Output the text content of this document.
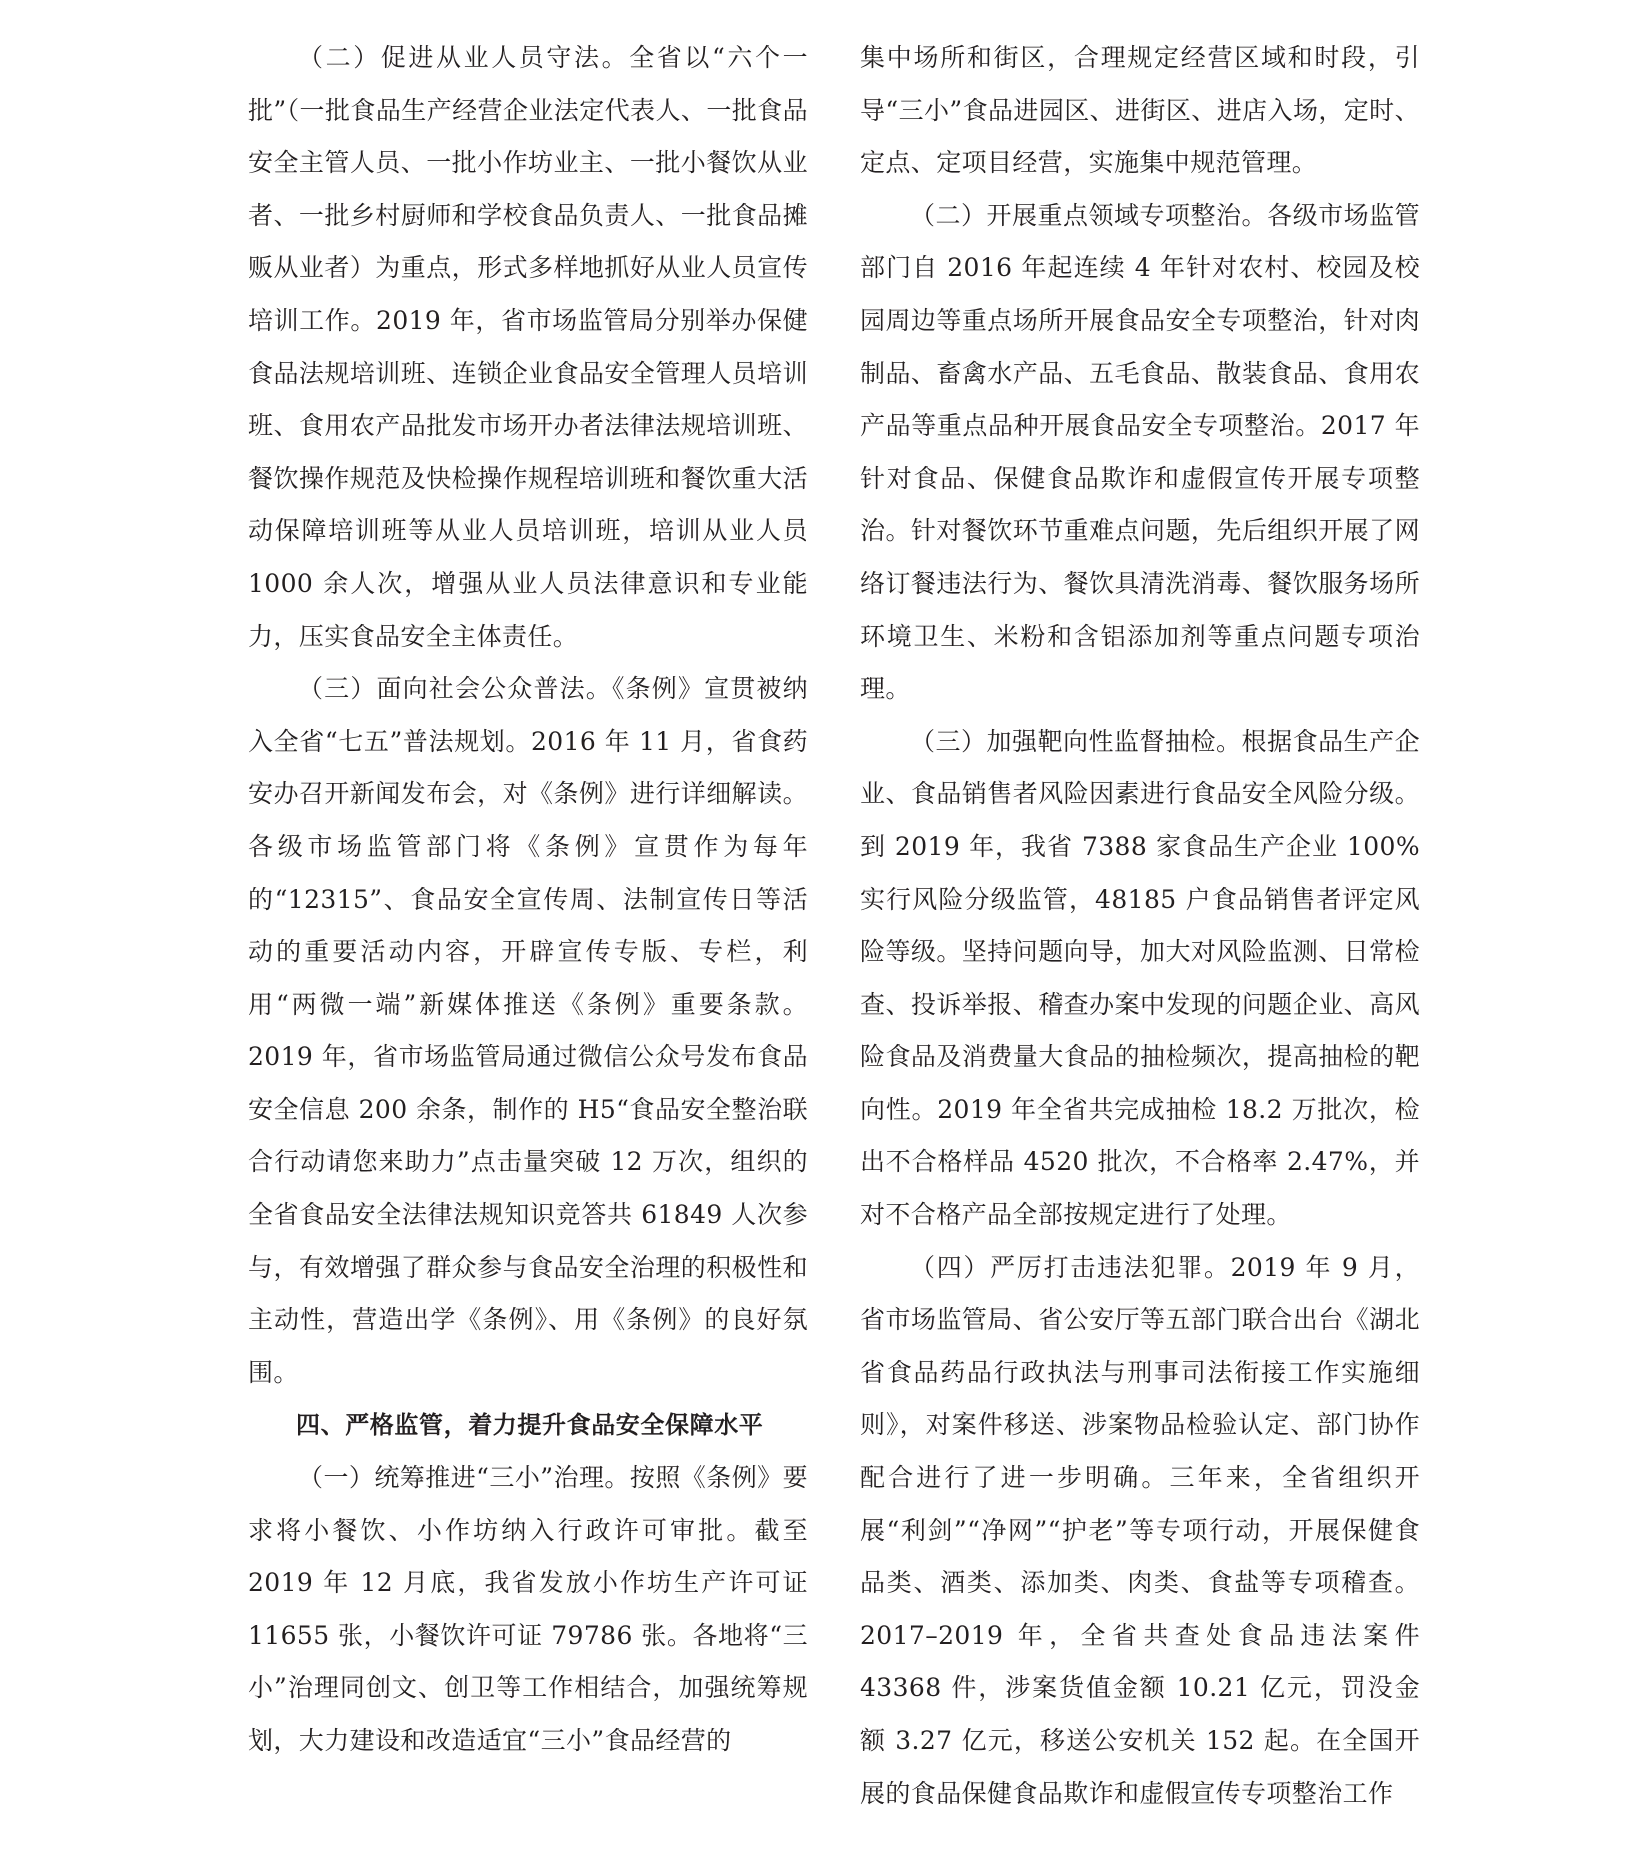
（二）促进从业人员守法。全省以“六个一批”（一批食品生产经营企业法定代表人、一批食品安全主管人员、一批小作坊业主、一批小餐饮从业者、一批乡村厨师和学校食品负责人、一批食品摊贩从业者）为重点，形式多样地抓好从业人员宣传培训工作。2019 年，省市场监管局分别举办保健食品法规培训班、连锁企业食品安全管理人员培训班、食用农产品批发市场开办者法律法规培训班、餐饮操作规范及快检操作规程培训班和餐饮重大活动保障培训班等从业人员培训班，培训从业人员 1000 余人次，增强从业人员法律意识和专业能力，压实食品安全主体责任。

（三）面向社会公众普法。《条例》宣贯被纳入全省“七五”普法规划。2016 年 11 月，省食药安办召开新闻发布会，对《条例》进行详细解读。各级市场监管部门将《条例》宣贯作为每年的“12315”、食品安全宣传周、法制宣传日等活动的重要活动内容，开辟宣传专版、专栏，利用“两微一端”新媒体推送《条例》重要条款。2019 年，省市场监管局通过微信公众号发布食品安全信息 200 余条，制作的 H5“食品安全整治联合行动请您来助力”点击量突破 12 万次，组织的全省食品安全法律法规知识竞答共 61849 人次参与，有效增强了群众参与食品安全治理的积极性和主动性，营造出学《条例》、用《条例》的良好氛围。

四、严格监管，着力提升食品安全保障水平

（一）统筹推进“三小”治理。按照《条例》要求将小餐饮、小作坊纳入行政许可审批。截至 2019 年 12 月底，我省发放小作坊生产许可证 11655 张，小餐饮许可证 79786 张。各地将“三小”治理同创文、创卫等工作相结合，加强统筹规划，大力建设和改造适宜“三小”食品经营的

集中场所和街区，合理规定经营区域和时段，引导“三小”食品进园区、进街区、进店入场，定时、定点、定项目经营，实施集中规范管理。

（二）开展重点领域专项整治。各级市场监管部门自 2016 年起连续 4 年针对农村、校园及校园周边等重点场所开展食品安全专项整治，针对肉制品、畜禽水产品、五毛食品、散装食品、食用农产品等重点品种开展食品安全专项整治。2017 年针对食品、保健食品欺诈和虚假宣传开展专项整治。针对餐饮环节重难点问题，先后组织开展了网络订餐违法行为、餐饮具清洗消毒、餐饮服务场所环境卫生、米粉和含铝添加剂等重点问题专项治理。

（三）加强靶向性监督抽检。根据食品生产企业、食品销售者风险因素进行食品安全风险分级。到 2019 年，我省 7388 家食品生产企业 100% 实行风险分级监管，48185 户食品销售者评定风险等级。坚持问题向导，加大对风险监测、日常检查、投诉举报、稽查办案中发现的问题企业、高风险食品及消费量大食品的抽检频次，提高抽检的靶向性。2019 年全省共完成抽检 18.2 万批次，检出不合格样品 4520 批次，不合格率 2.47%，并对不合格产品全部按规定进行了处理。

（四）严厉打击违法犯罪。2019 年 9 月，省市场监管局、省公安厅等五部门联合出台《湖北省食品药品行政执法与刑事司法衔接工作实施细则》，对案件移送、涉案物品检验认定、部门协作配合进行了进一步明确。三年来，全省组织开展“利剑”“净网”“护老”等专项行动，开展保健食品类、酒类、添加类、肉类、食盐等专项稽查。2017–2019 年，全省共查处食品违法案件 43368 件，涉案货值金额 10.21 亿元，罚没金额 3.27 亿元，移送公安机关 152 起。在全国开展的食品保健食品欺诈和虚假宣传专项整治工作
